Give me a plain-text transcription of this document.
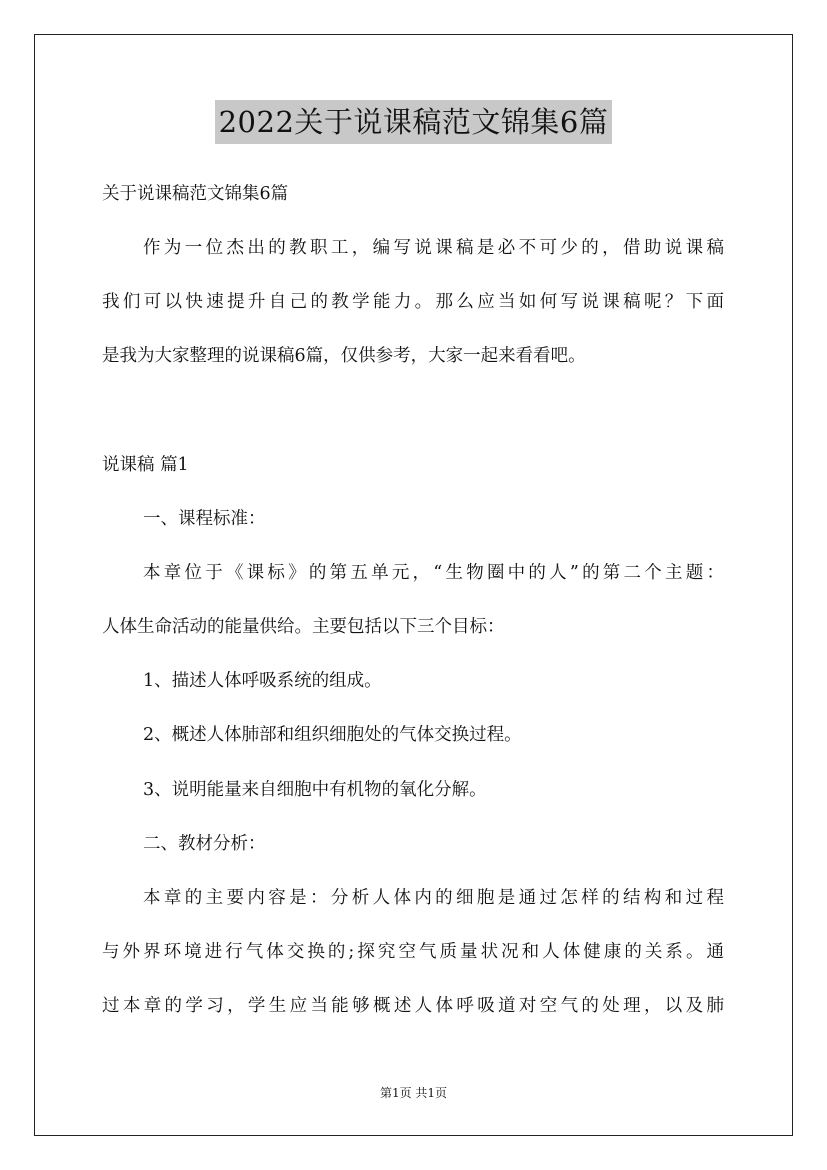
2022关于说课稿范文锦集6篇
关于说课稿范文锦集6篇
作为一位杰出的教职工，编写说课稿是必不可少的，借助说课稿
我们可以快速提升自己的教学能力。那么应当如何写说课稿呢？下面
是我为大家整理的说课稿6篇，仅供参考，大家一起来看看吧。
说课稿 篇1
一、课程标准：
本章位于《课标》的第五单元，“生物圈中的人”的第二个主题：
人体生命活动的能量供给。主要包括以下三个目标：
1、描述人体呼吸系统的组成。
2、概述人体肺部和组织细胞处的气体交换过程。
3、说明能量来自细胞中有机物的氧化分解。
二、教材分析：
本章的主要内容是：分析人体内的细胞是通过怎样的结构和过程
与外界环境进行气体交换的;探究空气质量状况和人体健康的关系。通
过本章的学习，学生应当能够概述人体呼吸道对空气的处理，以及肺
第1页 共1页
